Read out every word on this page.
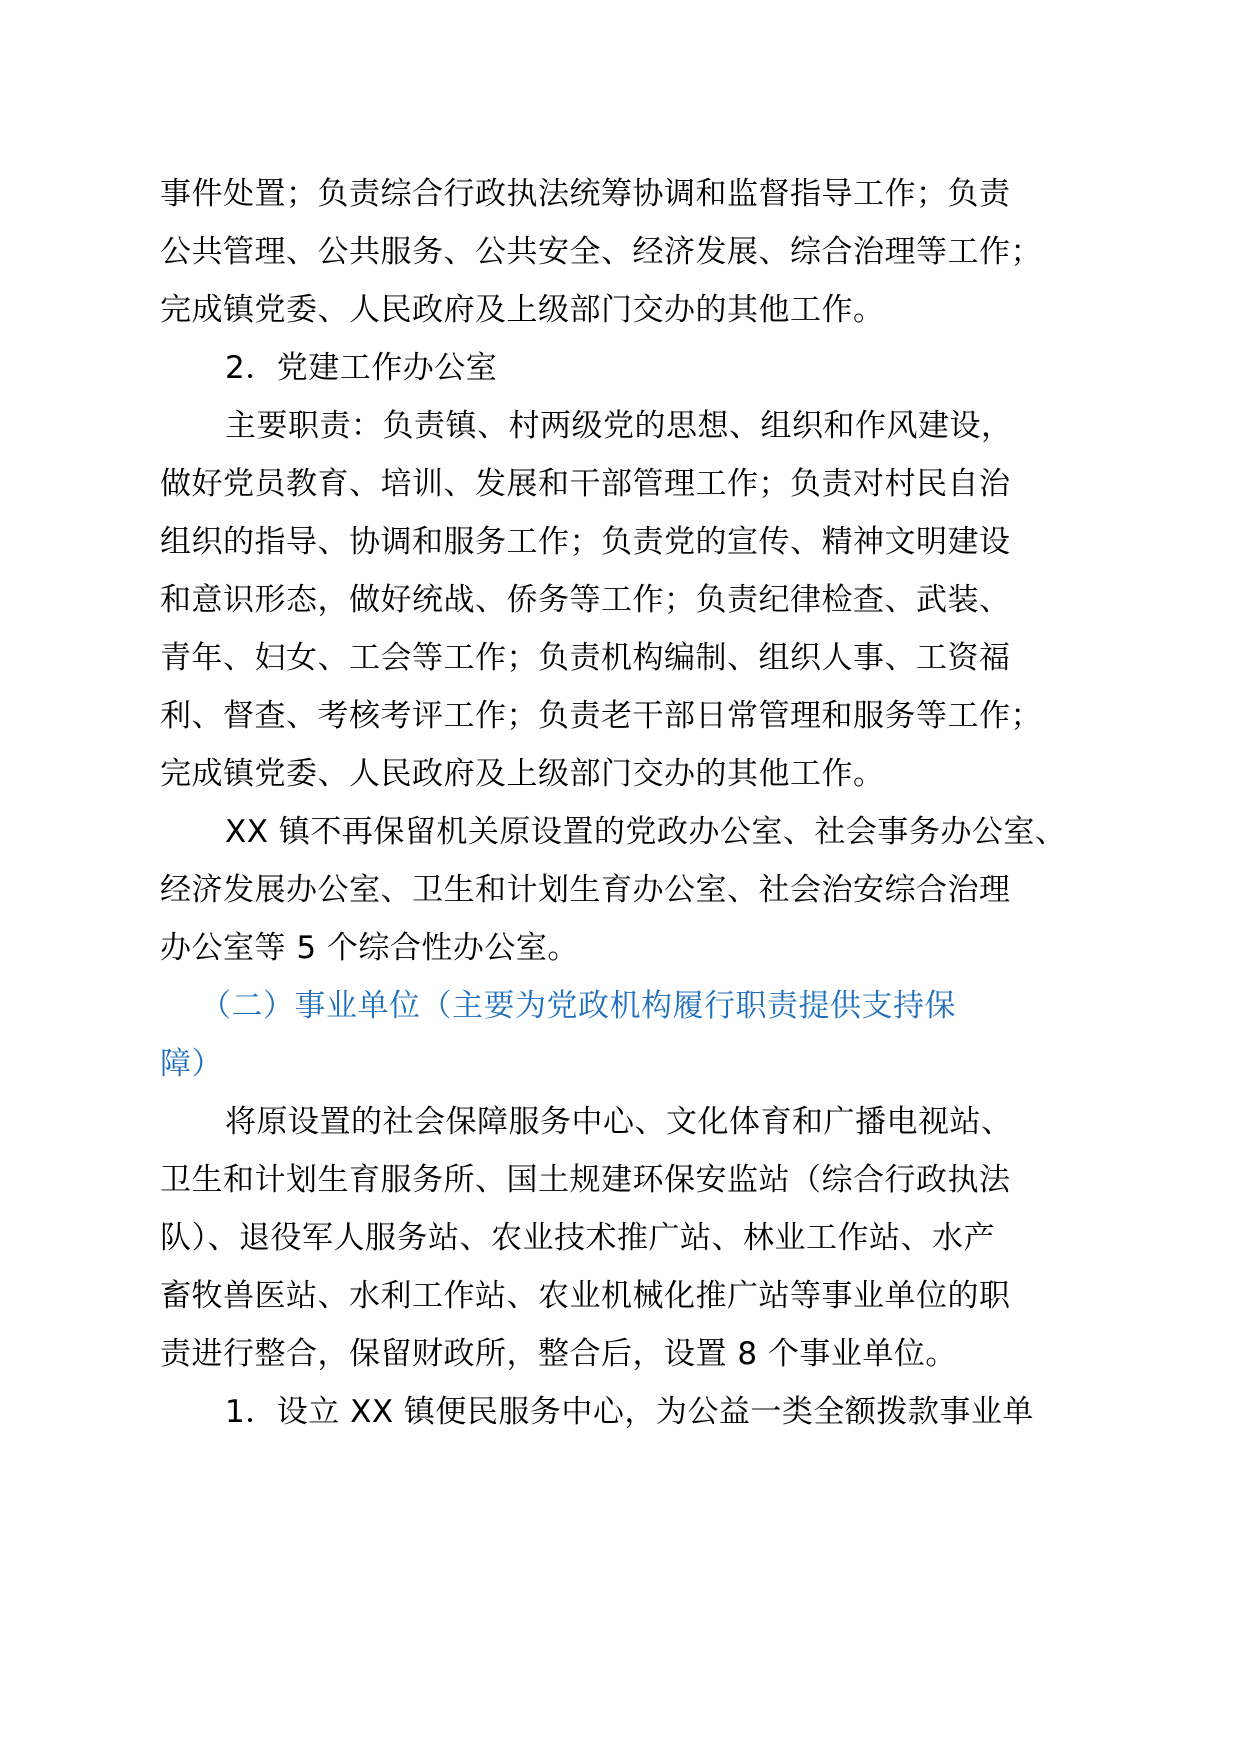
事件处置；负责综合行政执法统筹协调和监督指导工作；负责
公共管理、公共服务、公共安全、经济发展、综合治理等工作；
完成镇党委、人民政府及上级部门交办的其他工作。
2．党建工作办公室
主要职责：负责镇、村两级党的思想、组织和作风建设，
做好党员教育、培训、发展和干部管理工作；负责对村民自治
组织的指导、协调和服务工作；负责党的宣传、精神文明建设
和意识形态，做好统战、侨务等工作；负责纪律检查、武装、
青年、妇女、工会等工作；负责机构编制、组织人事、工资福
利、督查、考核考评工作；负责老干部日常管理和服务等工作；
完成镇党委、人民政府及上级部门交办的其他工作。
XX 镇不再保留机关原设置的党政办公室、社会事务办公室、
经济发展办公室、卫生和计划生育办公室、社会治安综合治理
办公室等 5 个综合性办公室。
（二）事业单位（主要为党政机构履行职责提供支持保
障）
将原设置的社会保障服务中心、文化体育和广播电视站、
卫生和计划生育服务所、国土规建环保安监站（综合行政执法
队）、退役军人服务站、农业技术推广站、林业工作站、水产
畜牧兽医站、水利工作站、农业机械化推广站等事业单位的职
责进行整合，保留财政所，整合后，设置 8 个事业单位。
1．设立 XX 镇便民服务中心，为公益一类全额拨款事业单
